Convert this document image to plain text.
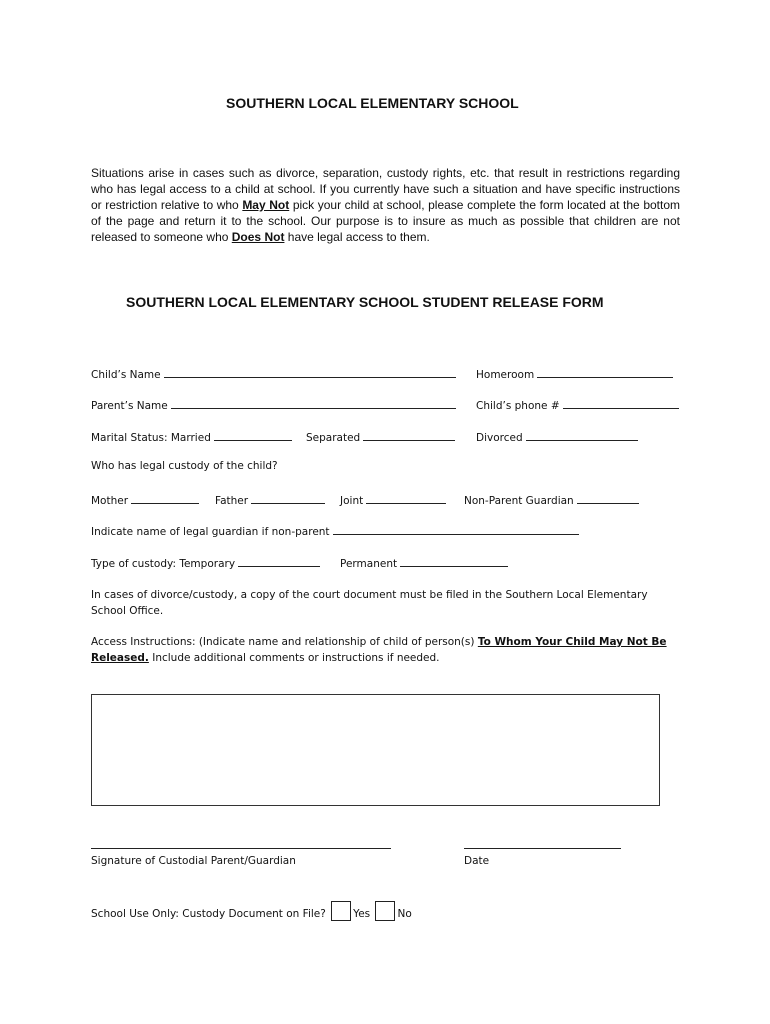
SOUTHERN LOCAL ELEMENTARY SCHOOL
Situations arise in cases such as divorce, separation, custody rights, etc. that result in restrictions regarding who has legal access to a child at school. If you currently have such a situation and have specific instructions or restriction relative to who May Not pick your child at school, please complete the form located at the bottom of the page and return it to the school. Our purpose is to insure as much as possible that children are not released to someone who Does Not have legal access to them.
SOUTHERN LOCAL ELEMENTARY SCHOOL STUDENT RELEASE FORM
Child’s Name	Homeroom
Parent’s Name	Child’s phone #
Marital Status: Married	Separated	Divorced
Who has legal custody of the child?
Mother	Father	Joint	Non-Parent Guardian
Indicate name of legal guardian if non-parent
Type of custody: Temporary	Permanent
In cases of divorce/custody, a copy of the court document must be filed in the Southern Local Elementary School Office.
Access Instructions: (Indicate name and relationship of child of person(s) To Whom Your Child May Not Be Released. Include additional comments or instructions if needed.
Signature of Custodial Parent/Guardian	Date
School Use Only: Custody Document on File?	Yes	No
